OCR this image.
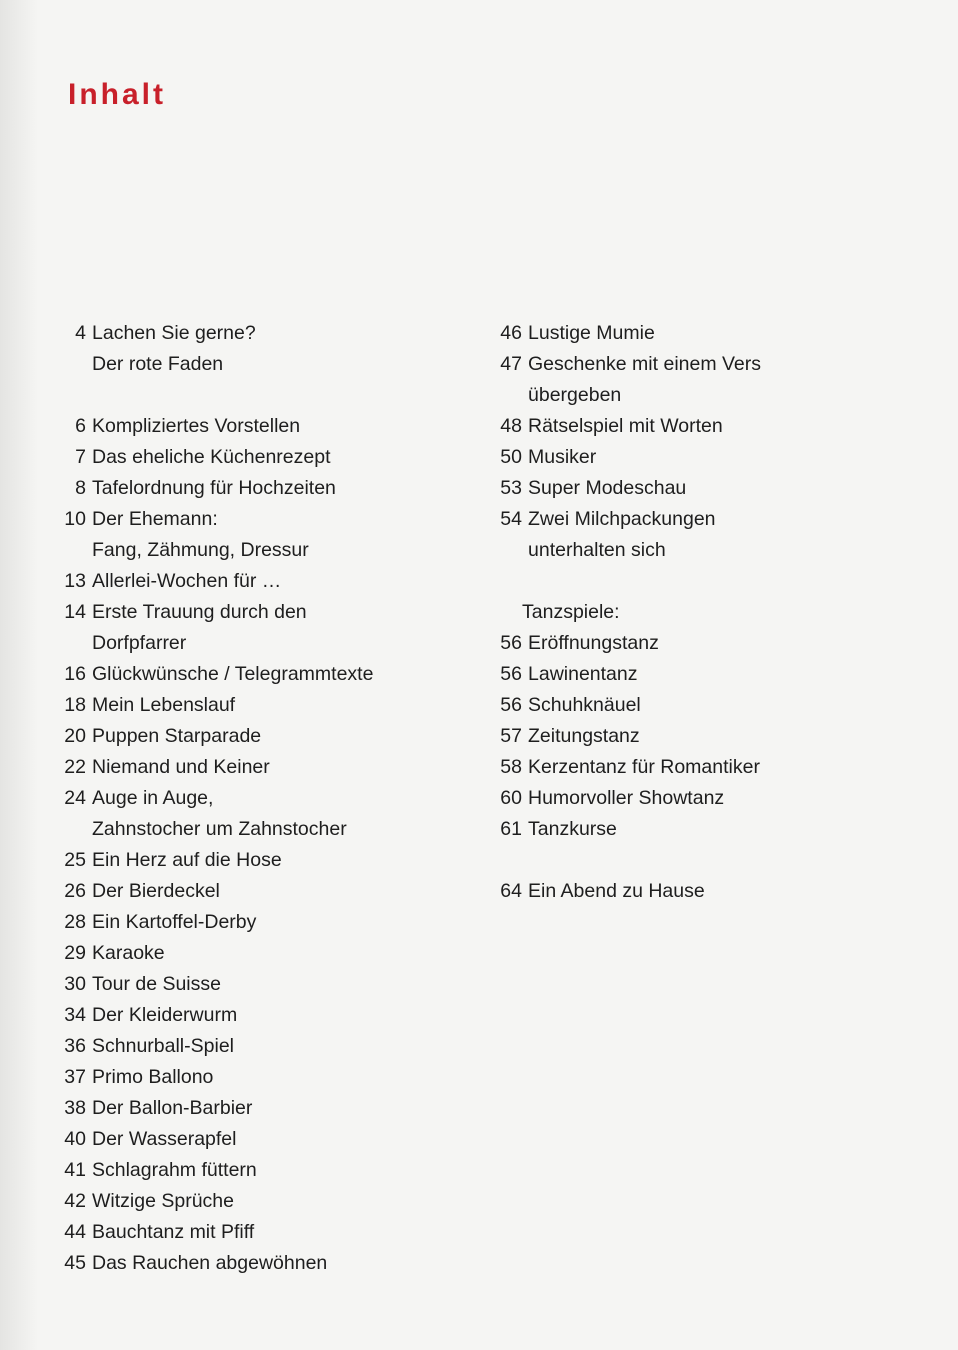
Inhalt
4 Lachen Sie gerne?
Der rote Faden
6 Kompliziertes Vorstellen
7 Das eheliche Küchenrezept
8 Tafelordnung für Hochzeiten
10 Der Ehemann:
Fang, Zähmung, Dressur
13 Allerlei-Wochen für …
14 Erste Trauung durch den
Dorfpfarrer
16 Glückwünsche / Telegrammtexte
18 Mein Lebenslauf
20 Puppen Starparade
22 Niemand und Keiner
24 Auge in Auge,
Zahnstocher um Zahnstocher
25 Ein Herz auf die Hose
26 Der Bierdeckel
28 Ein Kartoffel-Derby
29 Karaoke
30 Tour de Suisse
34 Der Kleiderwurm
36 Schnurball-Spiel
37 Primo Ballono
38 Der Ballon-Barbier
40 Der Wasserapfel
41 Schlagrahm füttern
42 Witzige Sprüche
44 Bauchtanz mit Pfiff
45 Das Rauchen abgewöhnen
46 Lustige Mumie
47 Geschenke mit einem Vers
übergeben
48 Rätselspiel mit Worten
50 Musiker
53 Super Modeschau
54 Zwei Milchpackungen
unterhalten sich
Tanzspiele:
56 Eröffnungstanz
56 Lawinentanz
56 Schuhknäuel
57 Zeitungstanz
58 Kerzentanz für Romantiker
60 Humorvoller Showtanz
61 Tanzkurse
64 Ein Abend zu Hause
